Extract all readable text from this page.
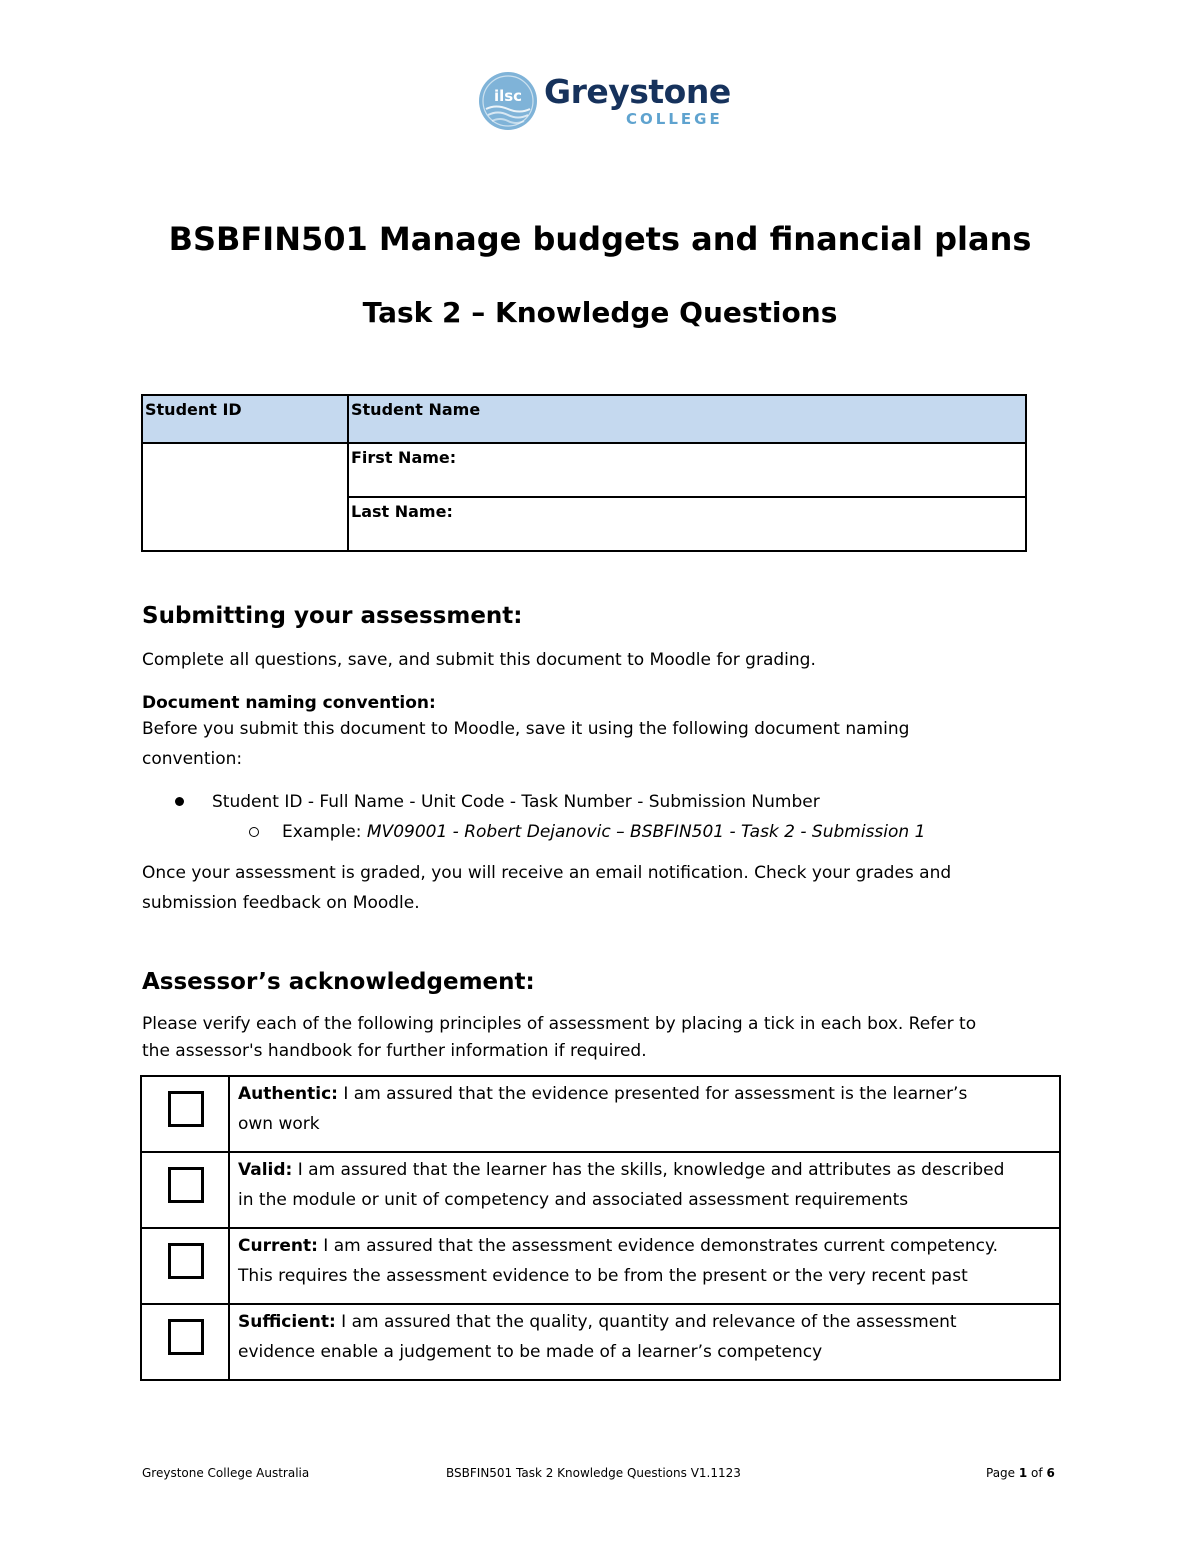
ilsc Greystone
COLLEGE
BSBFIN501 Manage budgets and financial plans
Task 2 – Knowledge Questions
Student ID	Student Name
	First Name:
	Last Name:
Submitting your assessment:
Complete all questions, save, and submit this document to Moodle for grading.
Document naming convention:
Before you submit this document to Moodle, save it using the following document naming
convention:
Student ID - Full Name - Unit Code - Task Number - Submission Number
Example: MV09001 - Robert Dejanovic – BSBFIN501 - Task 2 - Submission 1
Once your assessment is graded, you will receive an email notification. Check your grades and
submission feedback on Moodle.
Assessor’s acknowledgement:
Please verify each of the following principles of assessment by placing a tick in each box. Refer to
the assessor's handbook for further information if required.
	Authentic: I am assured that the evidence presented for assessment is the learner’s
own work

	Valid: I am assured that the learner has the skills, knowledge and attributes as described
in the module or unit of competency and associated assessment requirements

	Current: I am assured that the assessment evidence demonstrates current competency.
This requires the assessment evidence to be from the present or the very recent past

	Sufficient: I am assured that the quality, quantity and relevance of the assessment
evidence enable a judgement to be made of a learner’s competency
Greystone College Australia	BSBFIN501 Task 2 Knowledge Questions V1.1123	Page 1 of 6
